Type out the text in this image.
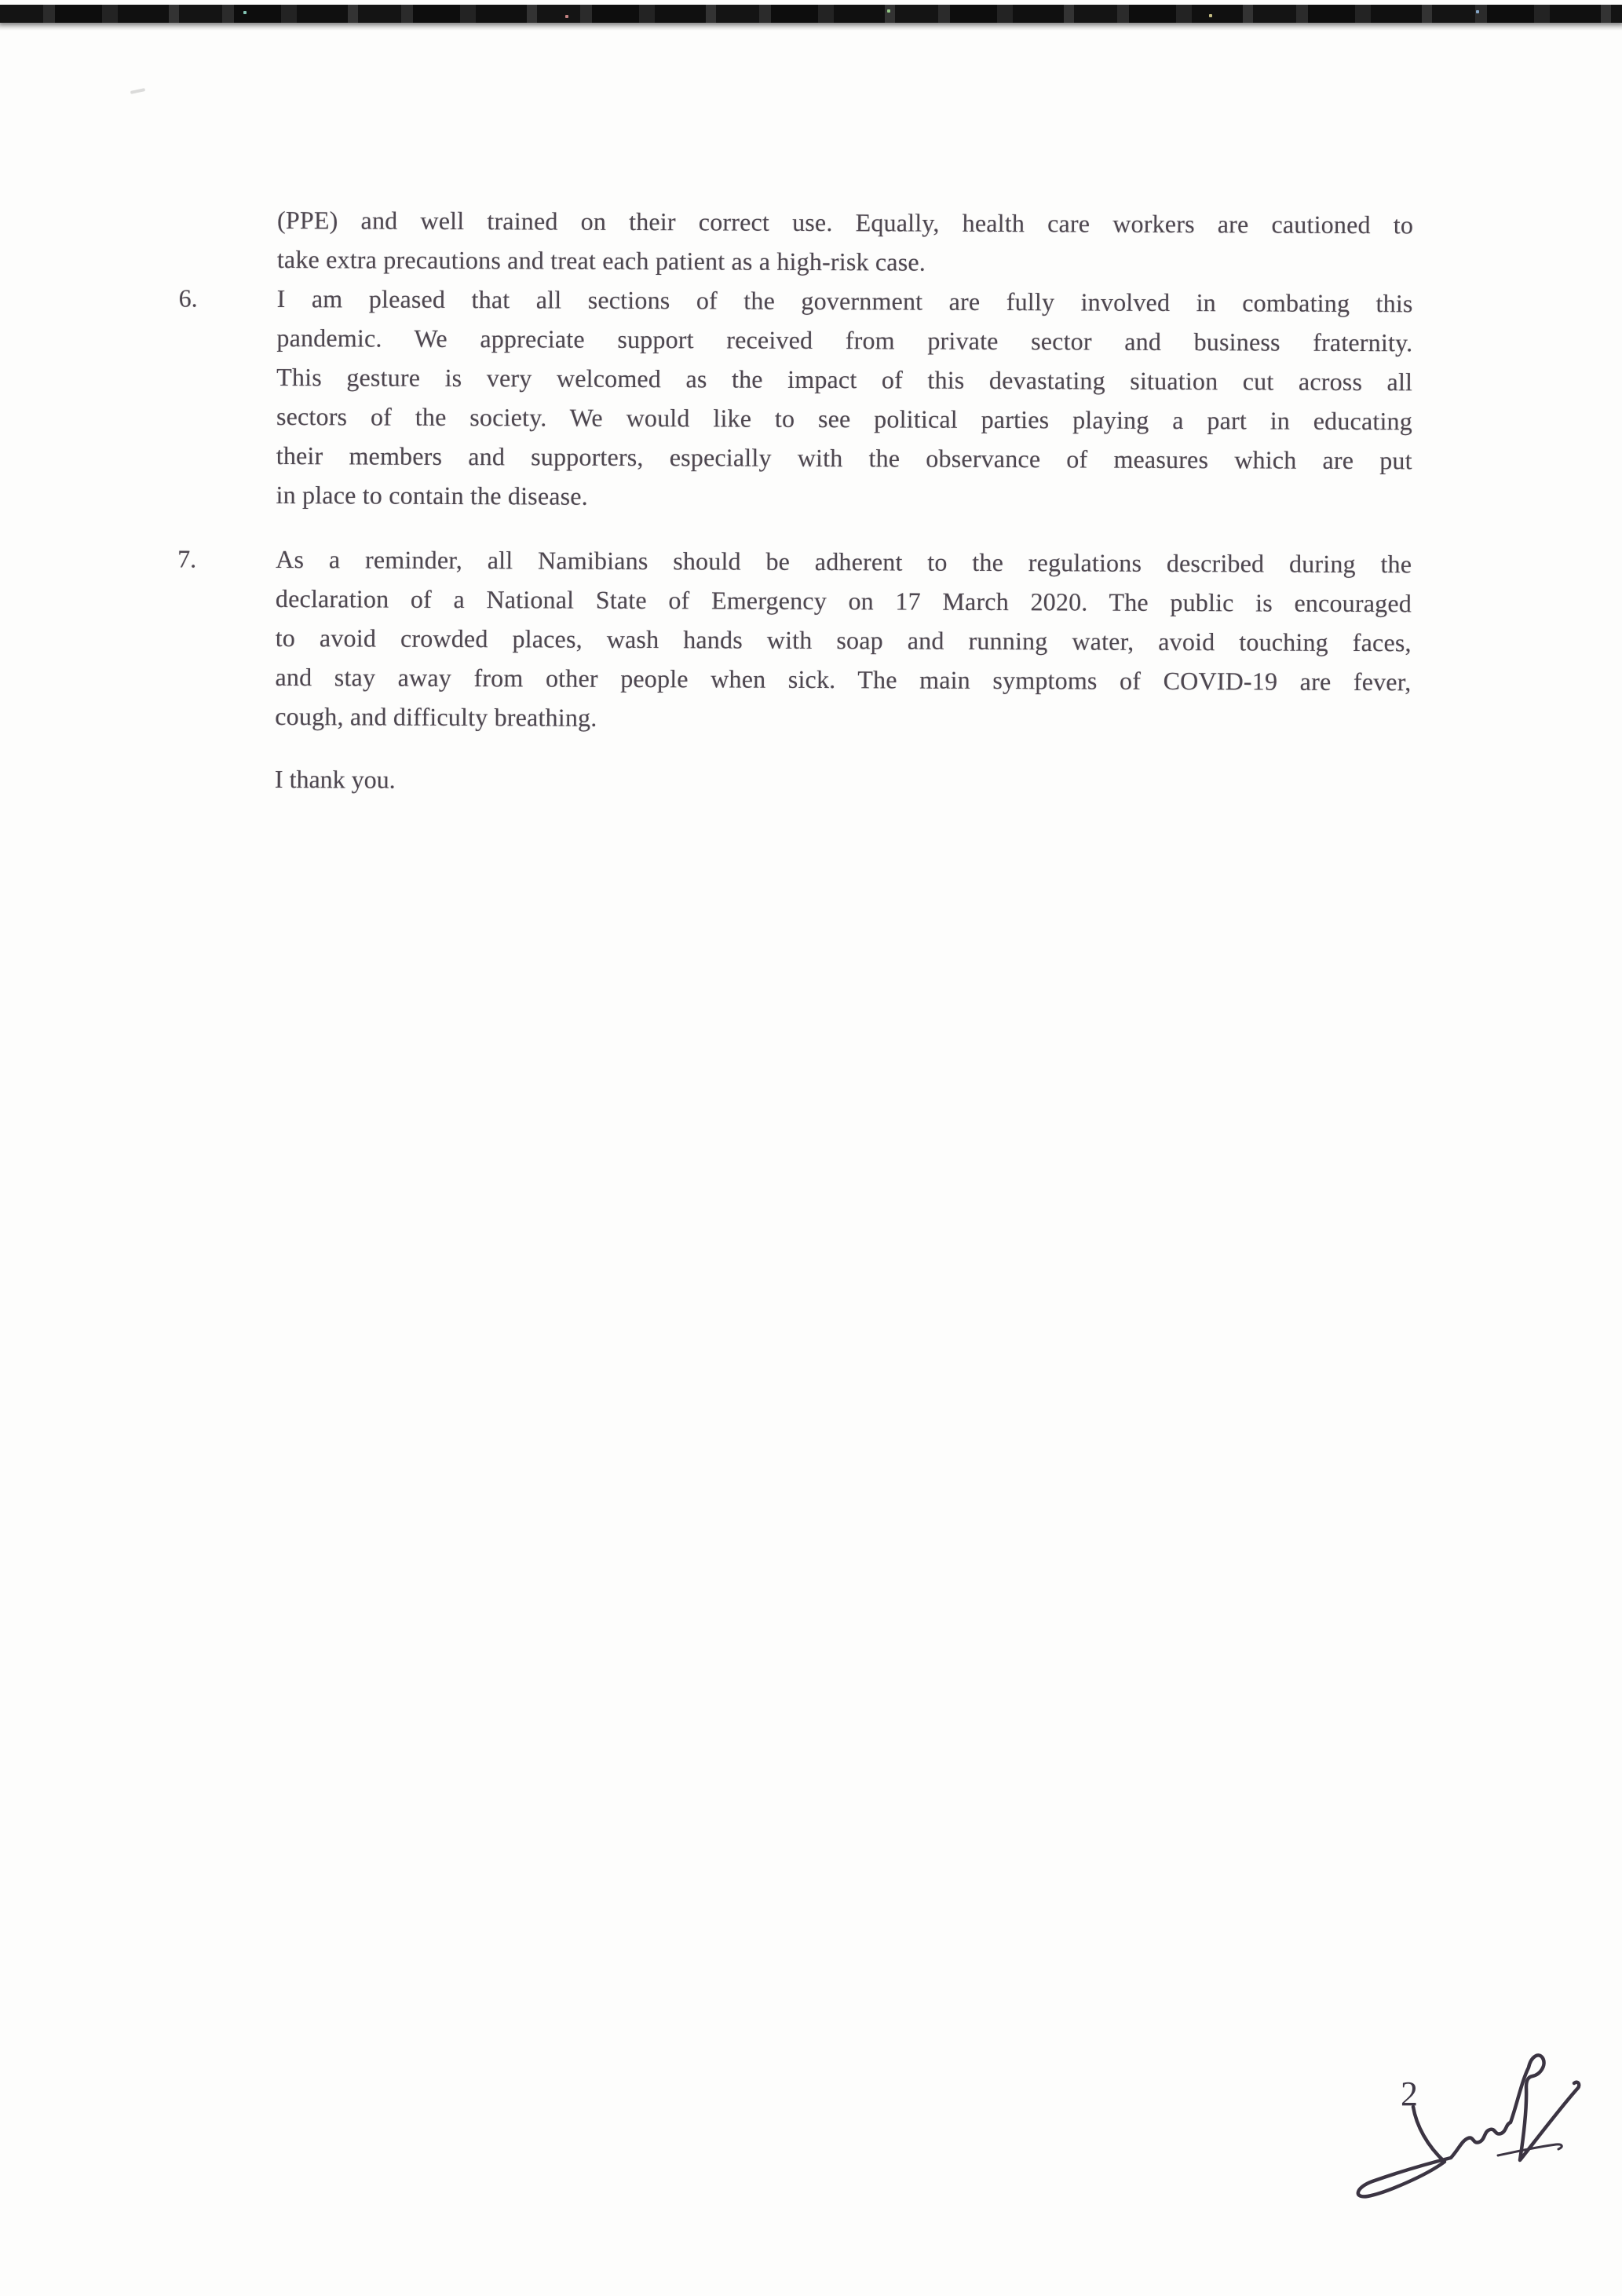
(PPE) and well trained on their correct use. Equally, health care workers are cautioned to
take extra precautions and treat each patient as a high-risk case.
6.	I am pleased that all sections of the government are fully involved in combating this
pandemic. We appreciate support received from private sector and business fraternity.
This gesture is very welcomed as the impact of this devastating situation cut across all
sectors of the society. We would like to see political parties playing a part in educating
their members and supporters, especially with the observance of measures which are put
in place to contain the disease.
7.	As a reminder, all Namibians should be adherent to the regulations described during the
declaration of a National State of Emergency on 17 March 2020. The public is encouraged
to avoid crowded places, wash hands with soap and running water, avoid touching faces,
and stay away from other people when sick. The main symptoms of COVID-19 are fever,
cough, and difficulty breathing.
I thank you.
2
